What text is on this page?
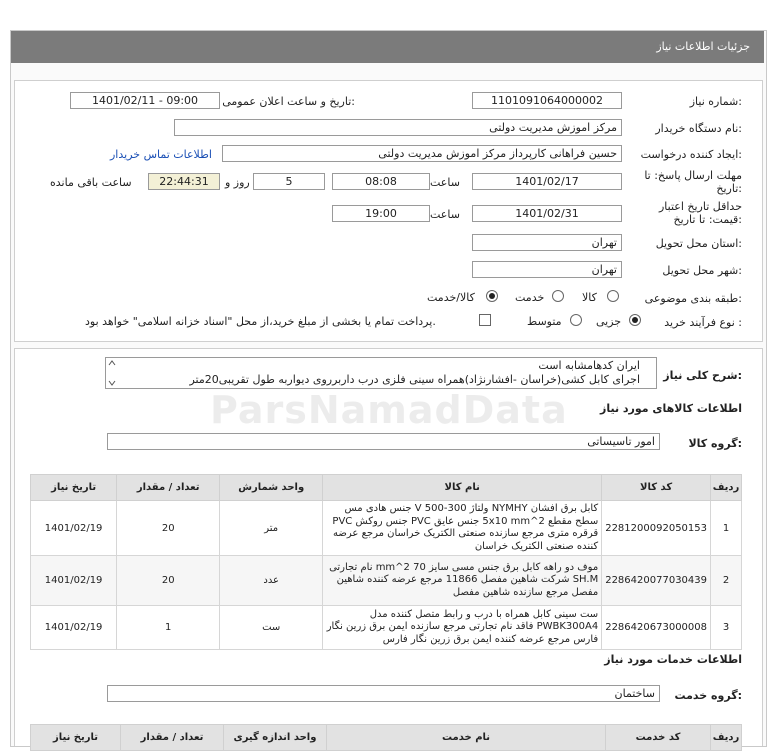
جزئیات اطلاعات نیاز
شماره نیاز:
1101091064000002
تاریخ و ساعت اعلان عمومی:
1401/02/11 - 09:00
نام دستگاه خریدار:
مرکز اموزش مدیریت دولتی
ایجاد کننده درخواست:
حسین فراهانی کارپرداز مرکز اموزش مدیریت دولتی
اطلاعات تماس خریدار
مهلت ارسال پاسخ: تا
تاریخ:
1401/02/17
ساعت
08:08
5
روز و
22:44:31
ساعت باقی مانده
حداقل تاریخ اعتبار
قیمت: تا تاریخ:
1401/02/31
ساعت
19:00
استان محل تحویل:
تهران
شهر محل تحویل:
تهران
طبقه بندی موضوعی:
کالا
خدمت
کالا/خدمت
نوع فرآیند خرید :
جزیی
متوسط
پرداخت تمام یا بخشی از مبلغ خرید،از محل "اسناد خزانه اسلامی" خواهد بود.
شرح کلی نیاز:
ایران کدهامشابه است
اجرای کابل کشی(خراسان -افشارنژاد)همراه سینی فلزی درب داربرروی دیواربه طول تقریبی20متر
ParsNamadData	اطلاعات کالاهای مورد نیاز
گروه کالا:
امور تاسیساتی
ردیف	کد کالا	نام کالا	واحد شمارش	تعداد / مقدار	تاریخ نیاز
1	2281200092050153	کابل برق افشان NYMHY ولتاژ 300-500 V جنس هادی مس سطح مقطع 2^5x10 mm جنس عایق PVC جنس روکش PVC قرقره متری مرجع سازنده صنعتی الکتریک خراسان مرجع عرضه کننده صنعتی الکتریک خراسان	متر	20	1401/02/19
2	2286420077030439	موف دو راهه کابل برق جنس مسی سایز 70 mm^2 نام تجارتی SH.M شرکت شاهین مفصل 11866 مرجع عرضه کننده شاهین مفصل مرجع سازنده شاهین مفصل	عدد	20	1401/02/19
3	2286420673000008	ست سینی کابل همراه با درب و رابط متصل کننده مدل PWBK300A4 فاقد نام تجارتی مرجع سازنده ایمن برق زرین نگار فارس مرجع عرضه کننده ایمن برق زرین نگار فارس	ست	1	1401/02/19
اطلاعات خدمات مورد نیاز
گروه خدمت:
ساختمان
ردیف	کد خدمت	نام خدمت	واحد اندازه گیری	تعداد / مقدار	تاریخ نیاز
